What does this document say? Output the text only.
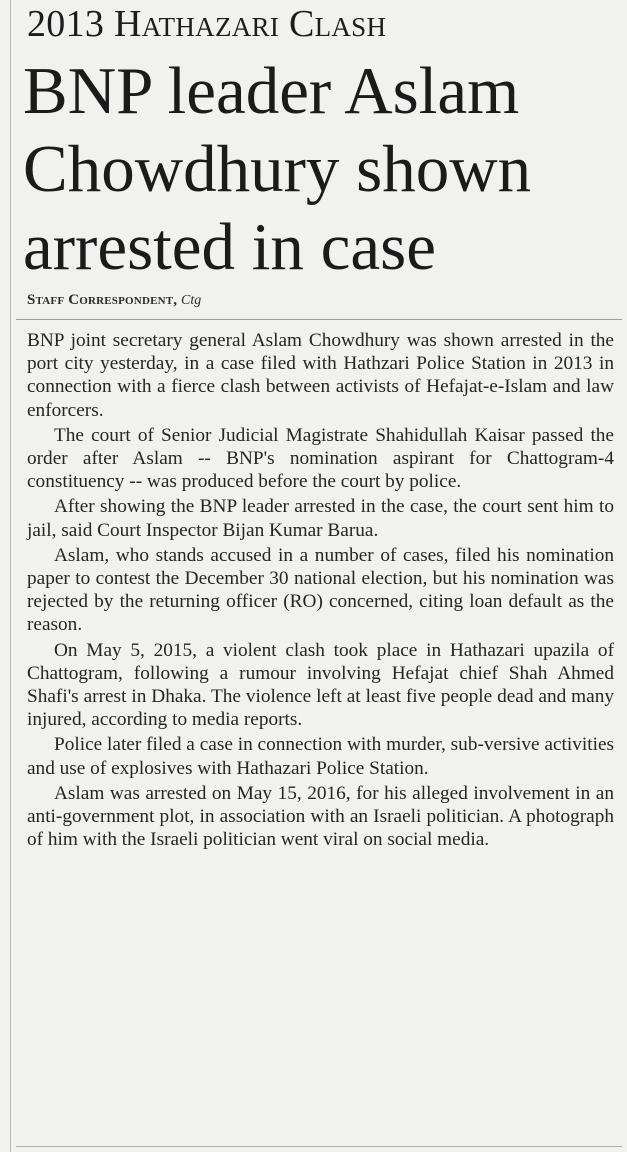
2013 Hathazari Clash
BNP leader Aslam Chowdhury shown arrested in case
Staff Correspondent, Ctg

BNP joint secretary general Aslam Chowdhury was shown arrested in the port city yesterday, in a case filed with Hathzari Police Station in 2013 in connection with a fierce clash between activists of Hefajat-e-Islam and law enforcers.

The court of Senior Judicial Magistrate Shahidullah Kaisar passed the order after Aslam -- BNP's nomination aspirant for Chattogram-4 constituency -- was produced before the court by police.

After showing the BNP leader arrested in the case, the court sent him to jail, said Court Inspector Bijan Kumar Barua.

Aslam, who stands accused in a number of cases, filed his nomination paper to contest the December 30 national election, but his nomination was rejected by the returning officer (RO) concerned, citing loan default as the reason.

On May 5, 2015, a violent clash took place in Hathazari upazila of Chattogram, following a rumour involving Hefajat chief Shah Ahmed Shafi's arrest in Dhaka. The violence left at least five people dead and many injured, according to media reports.

Police later filed a case in connection with murder, sub-versive activities and use of explosives with Hathazari Police Station.

Aslam was arrested on May 15, 2016, for his alleged involvement in an anti-government plot, in association with an Israeli politician. A photograph of him with the Israeli politician went viral on social media.
